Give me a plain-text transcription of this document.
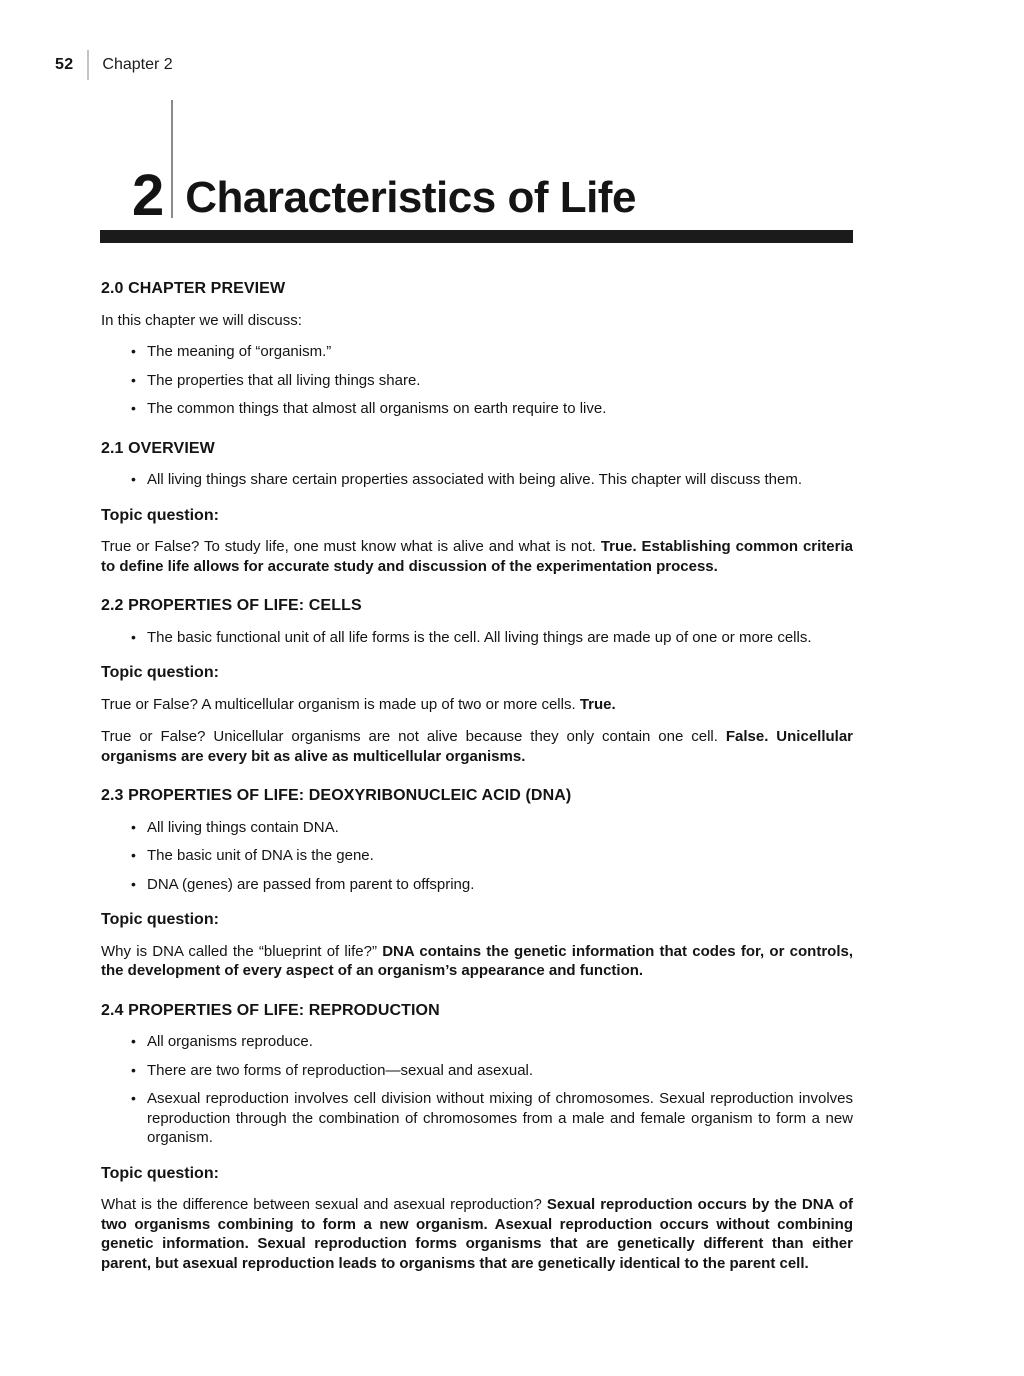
52 Chapter 2
2 Characteristics of Life
2.0 CHAPTER PREVIEW

In this chapter we will discuss:

• The meaning of “organism.”
• The properties that all living things share.
• The common things that almost all organisms on earth require to live.
2.1 OVERVIEW
• All living things share certain properties associated with being alive. This chapter will discuss them.
Topic question:

True or False? To study life, one must know what is alive and what is not. True. Establishing common criteria to define life allows for accurate study and discussion of the experimentation process.

2.2 PROPERTIES OF LIFE: CELLS
• The basic functional unit of all life forms is the cell. All living things are made up of one or more cells.
Topic question:

True or False? A multicellular organism is made up of two or more cells. True.

True or False? Unicellular organisms are not alive because they only contain one cell. False. Unicellular organisms are every bit as alive as multicellular organisms.

2.3 PROPERTIES OF LIFE: DEOXYRIBONUCLEIC ACID (DNA)
• All living things contain DNA.
• The basic unit of DNA is the gene.
• DNA (genes) are passed from parent to offspring.
Topic question:

Why is DNA called the “blueprint of life?” DNA contains the genetic information that codes for, or controls, the development of every aspect of an organism’s appearance and function.

2.4 PROPERTIES OF LIFE: REPRODUCTION
• All organisms reproduce.
• There are two forms of reproduction—sexual and asexual.
• Asexual reproduction involves cell division without mixing of chromosomes. Sexual reproduction involves reproduction through the combination of chromosomes from a male and female organism to form a new organism.
Topic question:

What is the difference between sexual and asexual reproduction? Sexual reproduction occurs by the DNA of two organisms combining to form a new organism. Asexual reproduction occurs without combining genetic information. Sexual reproduction forms organisms that are genetically different than either parent, but asexual reproduction leads to organisms that are genetically identical to the parent cell.
